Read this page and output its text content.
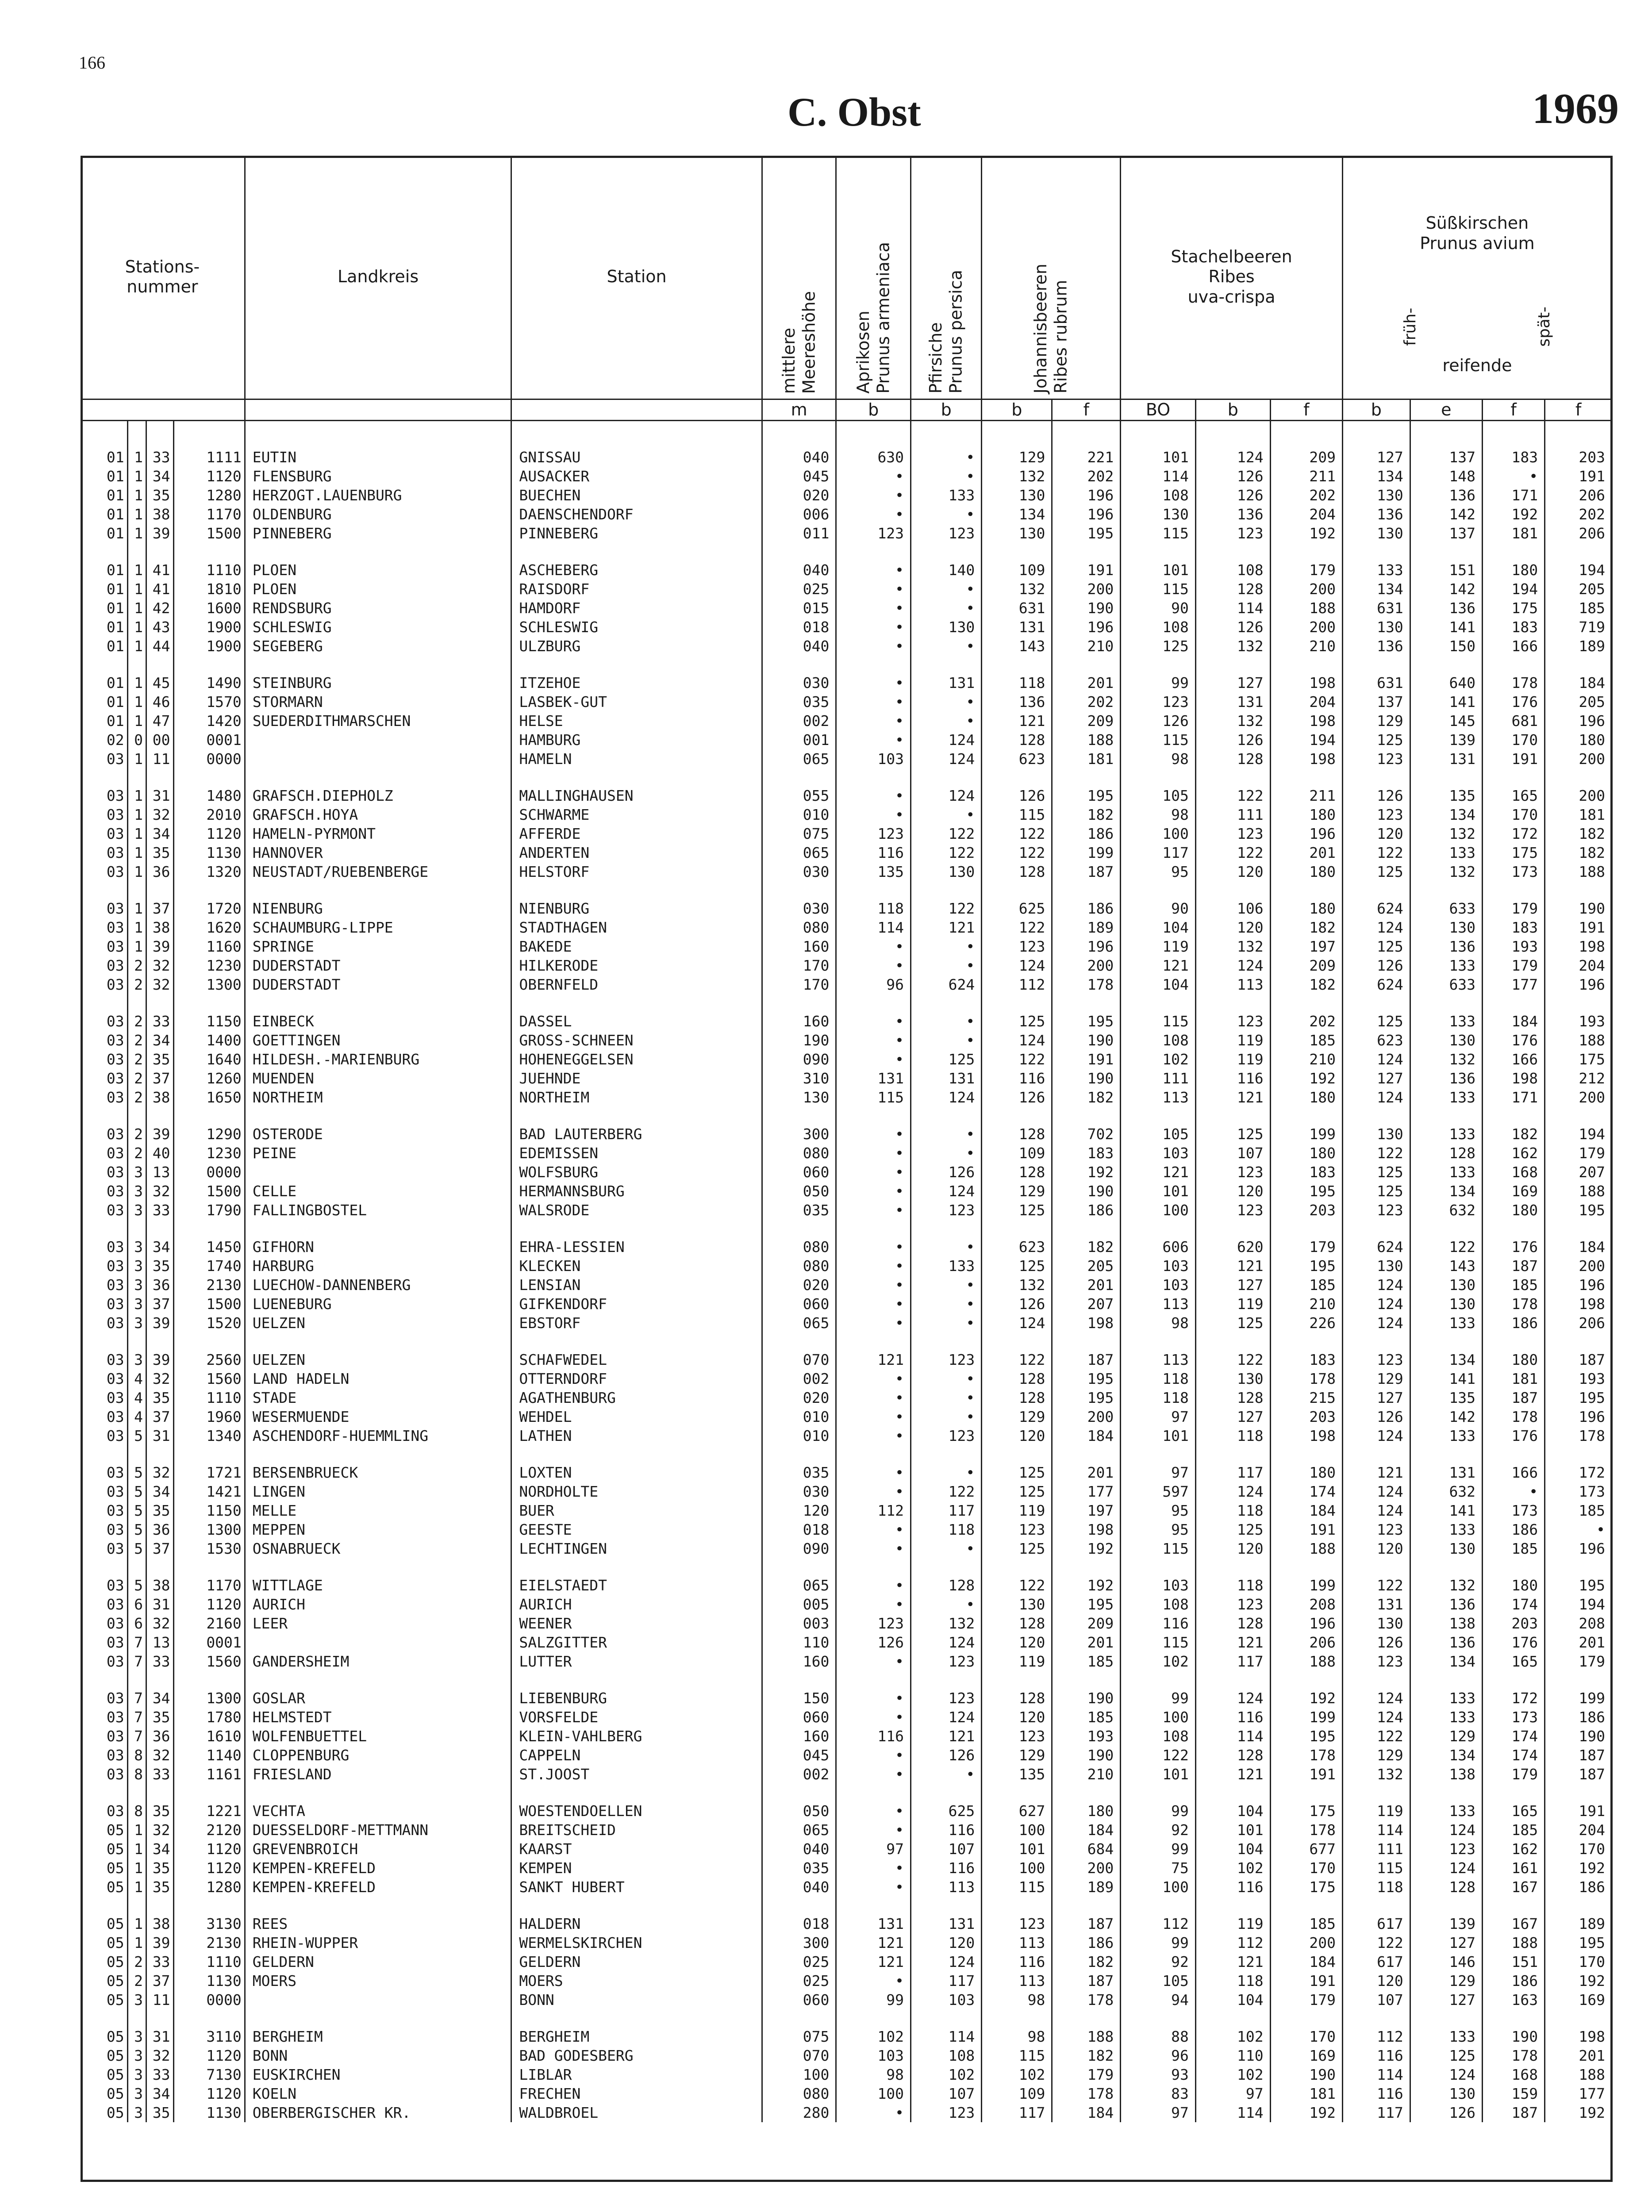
166
C. Obst	1969
Stations-
nummer				Landkreis	Station	mittlere
Meereshöhe	Aprikosen
Prunus armeniaca	Pfirsiche
Prunus persica	Johannisbeeren
Ribes rubrum		Stachelbeeren
Ribes
uva-crispa			Süßkirschen
Prunus avium
früh- spät-
reifende			

						m	b	b	b	f	BO	b	f	b	e	f	f

01	1	33	1111	EUTIN	GNISSAU	040	630	•	129	221	101	124	209	127	137	183	203
01	1	34	1120	FLENSBURG	AUSACKER	045	•	•	132	202	114	126	211	134	148	•	191
01	1	35	1280	HERZOGT.LAUENBURG	BUECHEN	020	•	133	130	196	108	126	202	130	136	171	206
01	1	38	1170	OLDENBURG	DAENSCHENDORF	006	•	•	134	196	130	136	204	136	142	192	202
01	1	39	1500	PINNEBERG	PINNEBERG	011	123	123	130	195	115	123	192	130	137	181	206

01	1	41	1110	PLOEN	ASCHEBERG	040	•	140	109	191	101	108	179	133	151	180	194
01	1	41	1810	PLOEN	RAISDORF	025	•	•	132	200	115	128	200	134	142	194	205
01	1	42	1600	RENDSBURG	HAMDORF	015	•	•	631	190	90	114	188	631	136	175	185
01	1	43	1900	SCHLESWIG	SCHLESWIG	018	•	130	131	196	108	126	200	130	141	183	719
01	1	44	1900	SEGEBERG	ULZBURG	040	•	•	143	210	125	132	210	136	150	166	189

01	1	45	1490	STEINBURG	ITZEHOE	030	•	131	118	201	99	127	198	631	640	178	184
01	1	46	1570	STORMARN	LASBEK-GUT	035	•	•	136	202	123	131	204	137	141	176	205
01	1	47	1420	SUEDERDITHMARSCHEN	HELSE	002	•	•	121	209	126	132	198	129	145	681	196
02	0	00	0001		HAMBURG	001	•	124	128	188	115	126	194	125	139	170	180
03	1	11	0000		HAMELN	065	103	124	623	181	98	128	198	123	131	191	200

03	1	31	1480	GRAFSCH.DIEPHOLZ	MALLINGHAUSEN	055	•	124	126	195	105	122	211	126	135	165	200
03	1	32	2010	GRAFSCH.HOYA	SCHWARME	010	•	•	115	182	98	111	180	123	134	170	181
03	1	34	1120	HAMELN-PYRMONT	AFFERDE	075	123	122	122	186	100	123	196	120	132	172	182
03	1	35	1130	HANNOVER	ANDERTEN	065	116	122	122	199	117	122	201	122	133	175	182
03	1	36	1320	NEUSTADT/RUEBENBERGE	HELSTORF	030	135	130	128	187	95	120	180	125	132	173	188

03	1	37	1720	NIENBURG	NIENBURG	030	118	122	625	186	90	106	180	624	633	179	190
03	1	38	1620	SCHAUMBURG-LIPPE	STADTHAGEN	080	114	121	122	189	104	120	182	124	130	183	191
03	1	39	1160	SPRINGE	BAKEDE	160	•	•	123	196	119	132	197	125	136	193	198
03	2	32	1230	DUDERSTADT	HILKERODE	170	•	•	124	200	121	124	209	126	133	179	204
03	2	32	1300	DUDERSTADT	OBERNFELD	170	96	624	112	178	104	113	182	624	633	177	196

03	2	33	1150	EINBECK	DASSEL	160	•	•	125	195	115	123	202	125	133	184	193
03	2	34	1400	GOETTINGEN	GROSS-SCHNEEN	190	•	•	124	190	108	119	185	623	130	176	188
03	2	35	1640	HILDESH.-MARIENBURG	HOHENEGGELSEN	090	•	125	122	191	102	119	210	124	132	166	175
03	2	37	1260	MUENDEN	JUEHNDE	310	131	131	116	190	111	116	192	127	136	198	212
03	2	38	1650	NORTHEIM	NORTHEIM	130	115	124	126	182	113	121	180	124	133	171	200

03	2	39	1290	OSTERODE	BAD LAUTERBERG	300	•	•	128	702	105	125	199	130	133	182	194
03	2	40	1230	PEINE	EDEMISSEN	080	•	•	109	183	103	107	180	122	128	162	179
03	3	13	0000		WOLFSBURG	060	•	126	128	192	121	123	183	125	133	168	207
03	3	32	1500	CELLE	HERMANNSBURG	050	•	124	129	190	101	120	195	125	134	169	188
03	3	33	1790	FALLINGBOSTEL	WALSRODE	035	•	123	125	186	100	123	203	123	632	180	195

03	3	34	1450	GIFHORN	EHRA-LESSIEN	080	•	•	623	182	606	620	179	624	122	176	184
03	3	35	1740	HARBURG	KLECKEN	080	•	133	125	205	103	121	195	130	143	187	200
03	3	36	2130	LUECHOW-DANNENBERG	LENSIAN	020	•	•	132	201	103	127	185	124	130	185	196
03	3	37	1500	LUENEBURG	GIFKENDORF	060	•	•	126	207	113	119	210	124	130	178	198
03	3	39	1520	UELZEN	EBSTORF	065	•	•	124	198	98	125	226	124	133	186	206

03	3	39	2560	UELZEN	SCHAFWEDEL	070	121	123	122	187	113	122	183	123	134	180	187
03	4	32	1560	LAND HADELN	OTTERNDORF	002	•	•	128	195	118	130	178	129	141	181	193
03	4	35	1110	STADE	AGATHENBURG	020	•	•	128	195	118	128	215	127	135	187	195
03	4	37	1960	WESERMUENDE	WEHDEL	010	•	•	129	200	97	127	203	126	142	178	196
03	5	31	1340	ASCHENDORF-HUEMMLING	LATHEN	010	•	123	120	184	101	118	198	124	133	176	178

03	5	32	1721	BERSENBRUECK	LOXTEN	035	•	•	125	201	97	117	180	121	131	166	172
03	5	34	1421	LINGEN	NORDHOLTE	030	•	122	125	177	597	124	174	124	632	•	173
03	5	35	1150	MELLE	BUER	120	112	117	119	197	95	118	184	124	141	173	185
03	5	36	1300	MEPPEN	GEESTE	018	•	118	123	198	95	125	191	123	133	186	•
03	5	37	1530	OSNABRUECK	LECHTINGEN	090	•	•	125	192	115	120	188	120	130	185	196

03	5	38	1170	WITTLAGE	EIELSTAEDT	065	•	128	122	192	103	118	199	122	132	180	195
03	6	31	1120	AURICH	AURICH	005	•	•	130	195	108	123	208	131	136	174	194
03	6	32	2160	LEER	WEENER	003	123	132	128	209	116	128	196	130	138	203	208
03	7	13	0001		SALZGITTER	110	126	124	120	201	115	121	206	126	136	176	201
03	7	33	1560	GANDERSHEIM	LUTTER	160	•	123	119	185	102	117	188	123	134	165	179

03	7	34	1300	GOSLAR	LIEBENBURG	150	•	123	128	190	99	124	192	124	133	172	199
03	7	35	1780	HELMSTEDT	VORSFELDE	060	•	124	120	185	100	116	199	124	133	173	186
03	7	36	1610	WOLFENBUETTEL	KLEIN-VAHLBERG	160	116	121	123	193	108	114	195	122	129	174	190
03	8	32	1140	CLOPPENBURG	CAPPELN	045	•	126	129	190	122	128	178	129	134	174	187
03	8	33	1161	FRIESLAND	ST.JOOST	002	•	•	135	210	101	121	191	132	138	179	187

03	8	35	1221	VECHTA	WOESTENDOELLEN	050	•	625	627	180	99	104	175	119	133	165	191
05	1	32	2120	DUESSELDORF-METTMANN	BREITSCHEID	065	•	116	100	184	92	101	178	114	124	185	204
05	1	34	1120	GREVENBROICH	KAARST	040	97	107	101	684	99	104	677	111	123	162	170
05	1	35	1120	KEMPEN-KREFELD	KEMPEN	035	•	116	100	200	75	102	170	115	124	161	192
05	1	35	1280	KEMPEN-KREFELD	SANKT HUBERT	040	•	113	115	189	100	116	175	118	128	167	186

05	1	38	3130	REES	HALDERN	018	131	131	123	187	112	119	185	617	139	167	189
05	1	39	2130	RHEIN-WUPPER	WERMELSKIRCHEN	300	121	120	113	186	99	112	200	122	127	188	195
05	2	33	1110	GELDERN	GELDERN	025	121	124	116	182	92	121	184	617	146	151	170
05	2	37	1130	MOERS	MOERS	025	•	117	113	187	105	118	191	120	129	186	192
05	3	11	0000		BONN	060	99	103	98	178	94	104	179	107	127	163	169

05	3	31	3110	BERGHEIM	BERGHEIM	075	102	114	98	188	88	102	170	112	133	190	198
05	3	32	1120	BONN	BAD GODESBERG	070	103	108	115	182	96	110	169	116	125	178	201
05	3	33	7130	EUSKIRCHEN	LIBLAR	100	98	102	102	179	93	102	190	114	124	168	188
05	3	34	1120	KOELN	FRECHEN	080	100	107	109	178	83	97	181	116	130	159	177
05	3	35	1130	OBERBERGISCHER KR.	WALDBROEL	280	•	123	117	184	97	114	192	117	126	187	192
